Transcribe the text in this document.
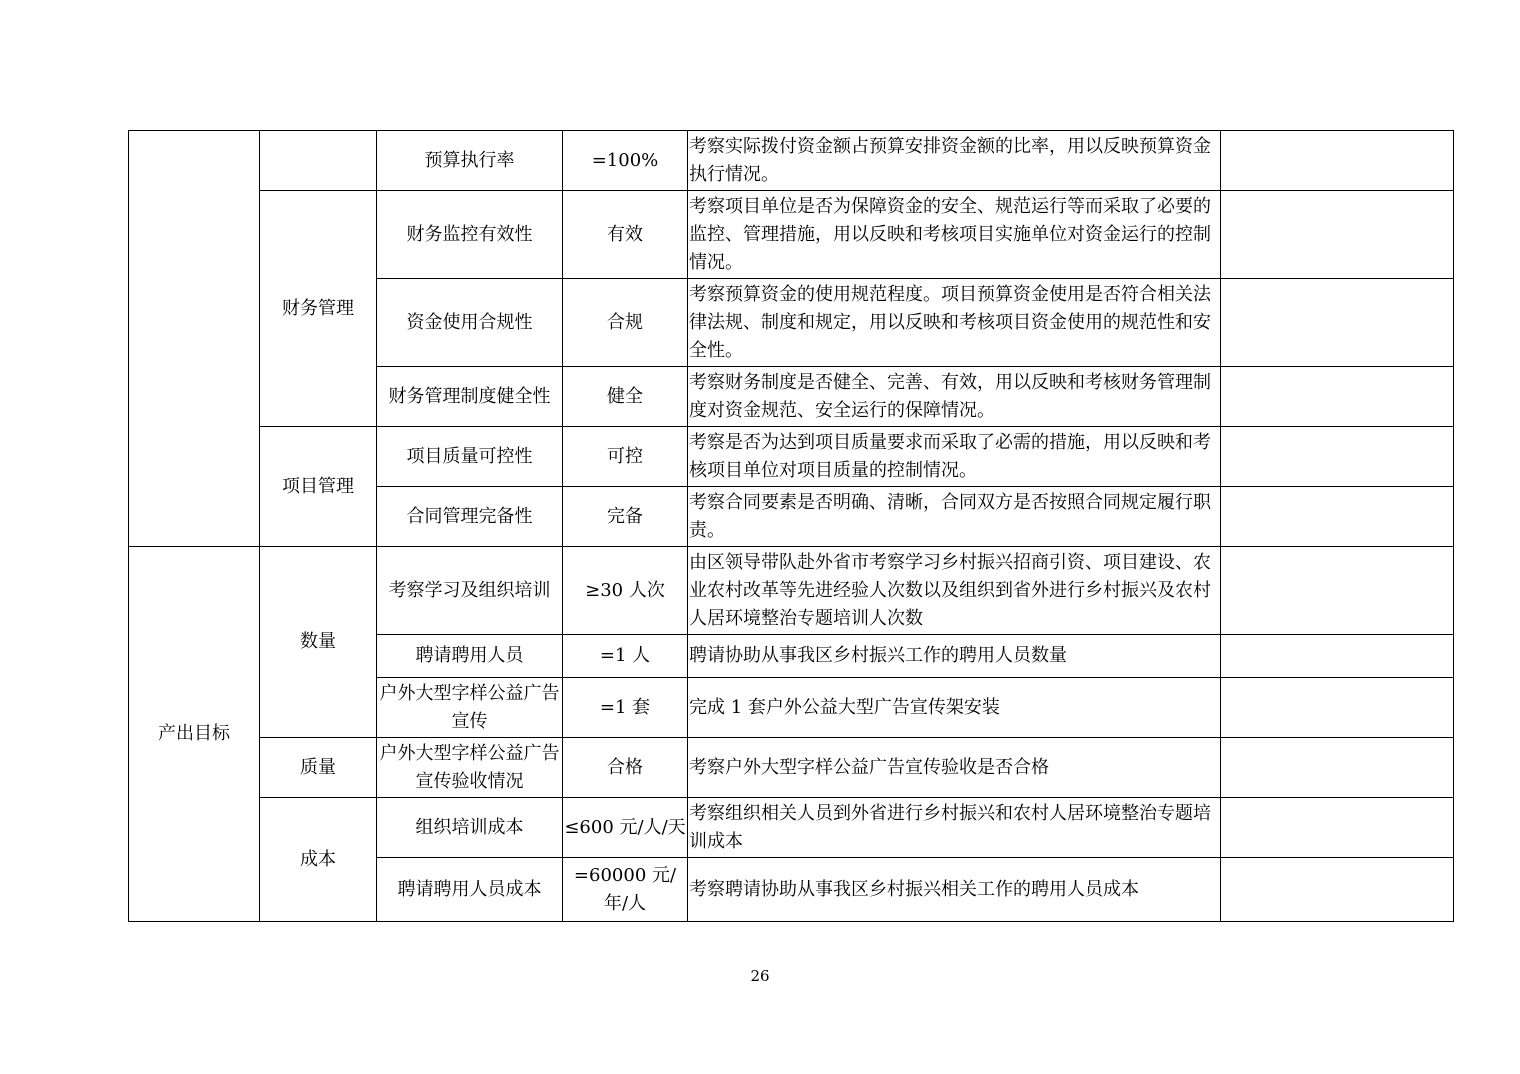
		预算执行率	=100%	考察实际拨付资金额占预算安排资金额的比率，用以反映预算资金执行情况。	
	财务管理	财务监控有效性	有效	考察项目单位是否为保障资金的安全、规范运行等而采取了必要的监控、管理措施，用以反映和考核项目实施单位对资金运行的控制情况。	
		资金使用合规性	合规	考察预算资金的使用规范程度。项目预算资金使用是否符合相关法律法规、制度和规定，用以反映和考核项目资金使用的规范性和安全性。	
		财务管理制度健全性	健全	考察财务制度是否健全、完善、有效，用以反映和考核财务管理制度对资金规范、安全运行的保障情况。	
	项目管理	项目质量可控性	可控	考察是否为达到项目质量要求而采取了必需的措施，用以反映和考核项目单位对项目质量的控制情况。	
		合同管理完备性	完备	考察合同要素是否明确、清晰，合同双方是否按照合同规定履行职责。	
产出目标	数量	考察学习及组织培训	≥30 人次	由区领导带队赴外省市考察学习乡村振兴招商引资、项目建设、农业农村改革等先进经验人次数以及组织到省外进行乡村振兴及农村人居环境整治专题培训人次数	
		聘请聘用人员	=1 人	聘请协助从事我区乡村振兴工作的聘用人员数量	
		户外大型字样公益广告宣传	=1 套	完成 1 套户外公益大型广告宣传架安装	
	质量	户外大型字样公益广告宣传验收情况	合格	考察户外大型字样公益广告宣传验收是否合格	
	成本	组织培训成本	≤600 元/人/天	考察组织相关人员到外省进行乡村振兴和农村人居环境整治专题培训成本	
		聘请聘用人员成本	=60000 元/年/人	考察聘请协助从事我区乡村振兴相关工作的聘用人员成本	
26
